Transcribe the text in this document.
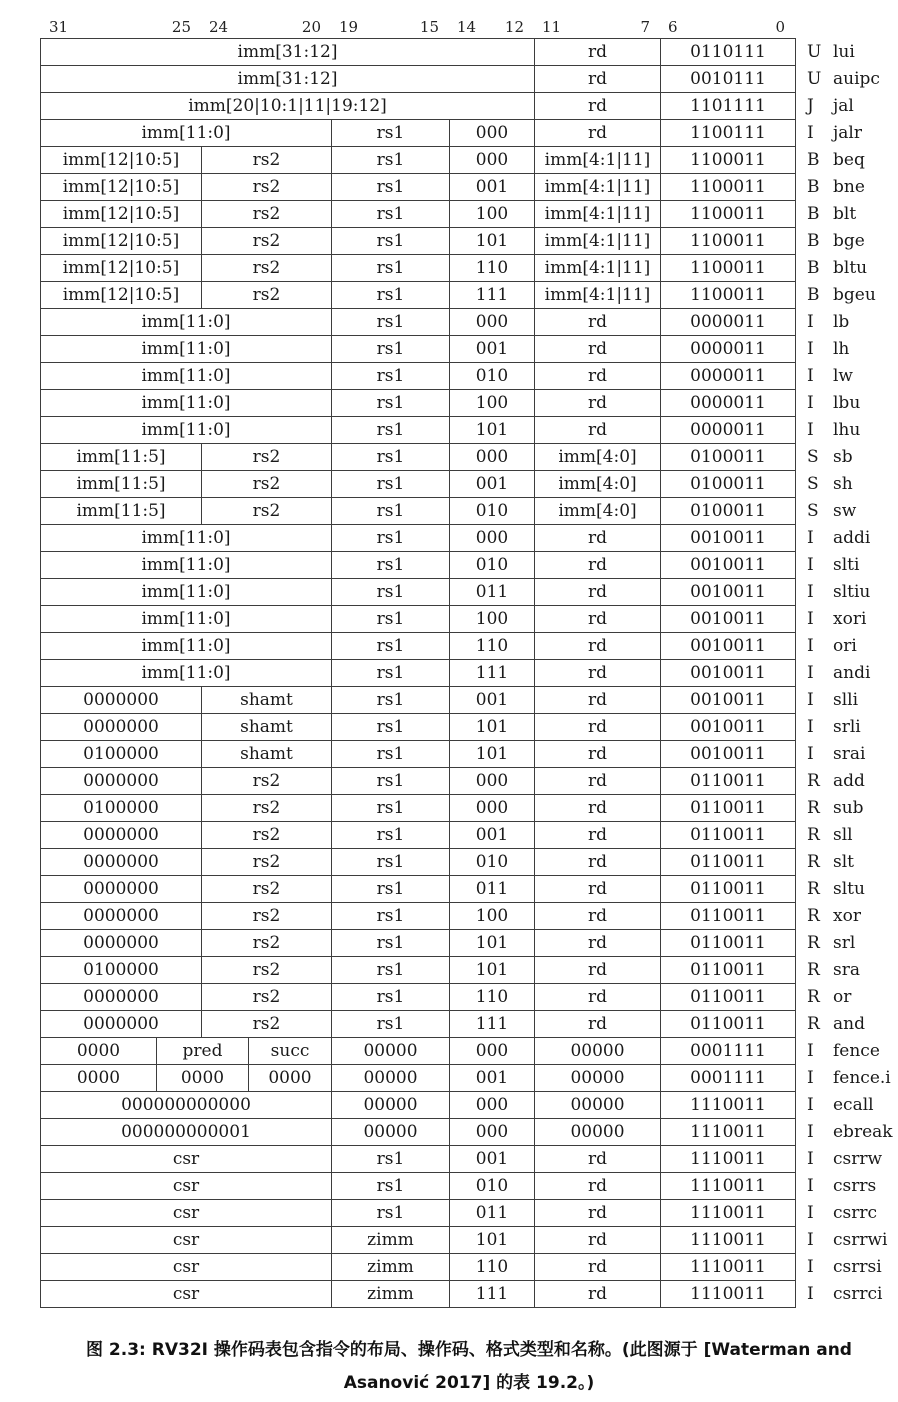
31	25 24	20 19	15 14 12 11	7 6	0
imm[31:12]	rd	0110111	U lui
imm[31:12]	rd	0010111	U auipc
imm[20|10:1|11|19:12]	rd	1101111	J	jal
imm[11:0]	rs1	000	rd	1100111	I	jalr
imm[12|10:5]	rs2	rs1	000	imm[4:1|11]	1100011	B beq
imm[12|10:5]	rs2	rs1	001	imm[4:1|11]	1100011	B bne
imm[12|10:5]	rs2	rs1	100	imm[4:1|11]	1100011	B blt
imm[12|10:5]	rs2	rs1	101	imm[4:1|11]	1100011	B bge
imm[12|10:5]	rs2	rs1	110	imm[4:1|11]	1100011	B bltu
imm[12|10:5]	rs2	rs1	111	imm[4:1|11]	1100011	B bgeu
imm[11:0]	rs1	000	rd	0000011	I	lb
imm[11:0]	rs1	001	rd	0000011	I	lh
imm[11:0]	rs1	010	rd	0000011	I	lw
imm[11:0]	rs1	100	rd	0000011	I	lbu
imm[11:0]	rs1	101	rd	0000011	I	lhu
imm[11:5]	rs2	rs1	000	imm[4:0]	0100011	S sb
imm[11:5]	rs2	rs1	001	imm[4:0]	0100011	S sh
imm[11:5]	rs2	rs1	010	imm[4:0]	0100011	S sw
imm[11:0]	rs1	000	rd	0010011	I	addi
imm[11:0]	rs1	010	rd	0010011	I	slti
imm[11:0]	rs1	011	rd	0010011	I	sltiu
imm[11:0]	rs1	100	rd	0010011	I	xori
imm[11:0]	rs1	110	rd	0010011	I	ori
imm[11:0]	rs1	111	rd	0010011	I	andi
0000000	shamt	rs1	001	rd	0010011	I	slli
0000000	shamt	rs1	101	rd	0010011	I	srli
0100000	shamt	rs1	101	rd	0010011	I	srai
0000000	rs2	rs1	000	rd	0110011	R add
0100000	rs2	rs1	000	rd	0110011	R sub
0000000	rs2	rs1	001	rd	0110011	R sll
0000000	rs2	rs1	010	rd	0110011	R slt
0000000	rs2	rs1	011	rd	0110011	R sltu
0000000	rs2	rs1	100	rd	0110011	R xor
0000000	rs2	rs1	101	rd	0110011	R srl
0100000	rs2	rs1	101	rd	0110011	R sra
0000000	rs2	rs1	110	rd	0110011	R or
0000000	rs2	rs1	111	rd	0110011	R and
0000	pred	succ	00000	000	00000	0001111	I	fence
0000	0000	0000	00000	001	00000	0001111	I	fence.i
000000000000	00000	000	00000	1110011	I	ecall
000000000001	00000	000	00000	1110011	I	ebreak
csr	rs1	001	rd	1110011	I	csrrw
csr	rs1	010	rd	1110011	I	csrrs
csr	rs1	011	rd	1110011	I	csrrc
csr	zimm	101	rd	1110011	I	csrrwi
csr	zimm	110	rd	1110011	I	csrrsi
csr	zimm	111	rd	1110011	I	csrrci
图 2.3: RV32I 操作码表包含指令的布局、操作码、格式类型和名称。(此图源于 [Waterman and
Asanović 2017] 的表 19.2。)
